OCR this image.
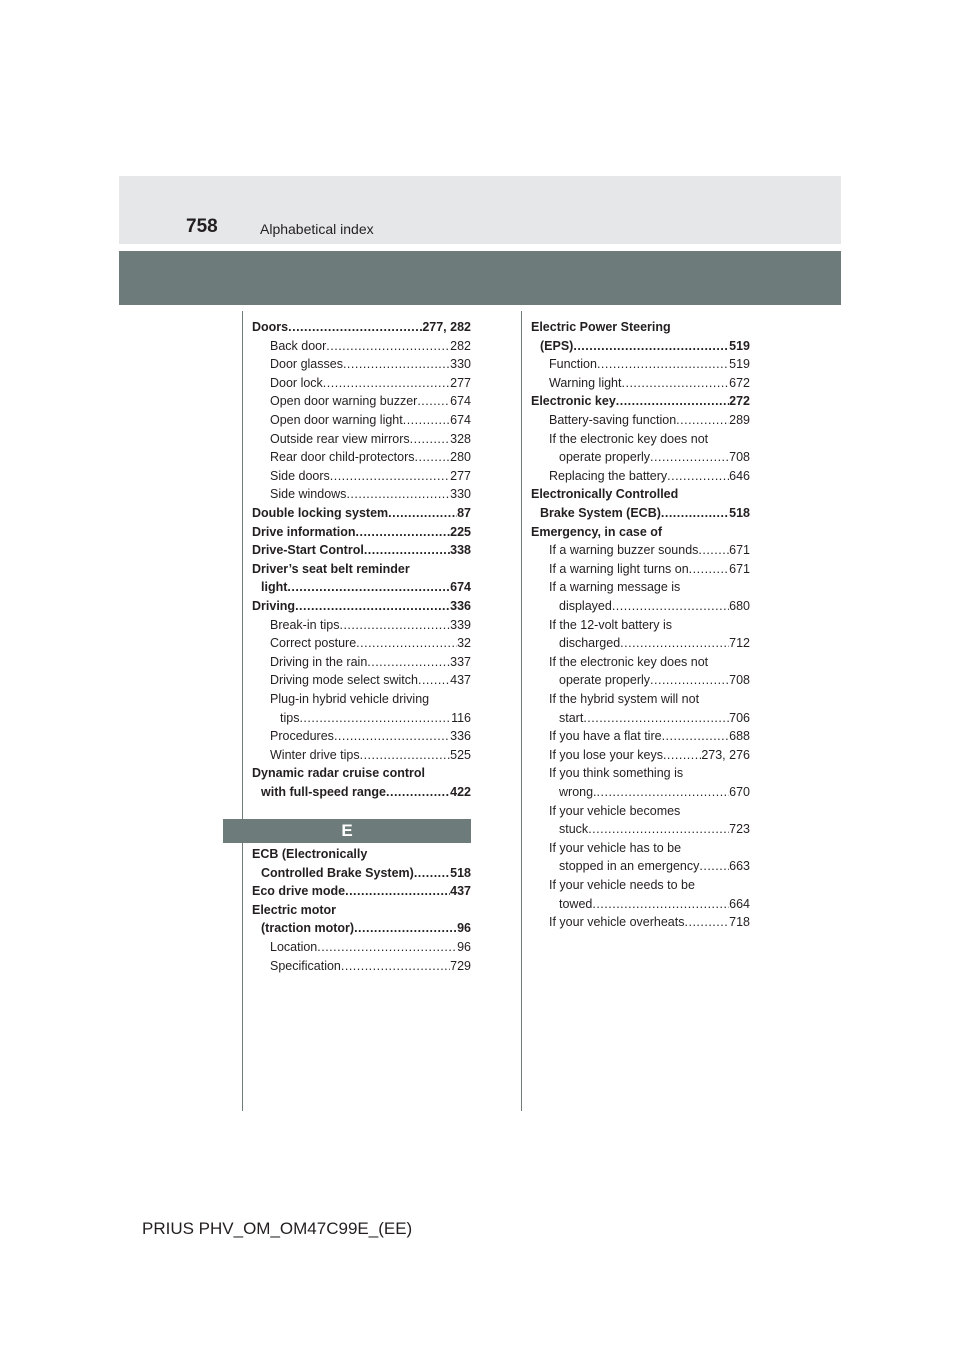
758	Alphabetical index
Doors .....	277, 282
Back door .....	282
Door glasses .....	330
Door lock .....	277
Open door warning buzzer .....	674
Open door warning light .....	674
Outside rear view mirrors .....	328
Rear door child-protectors .....	280
Side doors .....	277
Side windows .....	330
Double locking system .....	87
Drive information .....	225
Drive-Start Control .....	338
Driver’s seat belt reminder
light .....	674
Driving .....	336
Break-in tips .....	339
Correct posture .....	32
Driving in the rain .....	337
Driving mode select switch .....	437
Plug-in hybrid vehicle driving
tips .....	116
Procedures .....	336
Winter drive tips .....	525
Dynamic radar cruise control
with full-speed range .....	422
E
ECB (Electronically
Controlled Brake System) .....	518
Eco drive mode .....	437
Electric motor
(traction motor) .....	96
Location .....	96
Specification .....	729
Electric Power Steering
(EPS) .....	519
Function .....	519
Warning light .....	672
Electronic key .....	272
Battery-saving function .....	289
If the electronic key does not
operate properly .....	708
Replacing the battery .....	646
Electronically Controlled
Brake System (ECB) .....	518
Emergency, in case of
If a warning buzzer sounds ..... 671
If a warning light turns on .....	671
If a warning message is
displayed .....	680
If the 12-volt battery is
discharged .....	712
If the electronic key does not
operate properly .....	708
If the hybrid system will not
start .....	706
If you have a flat tire .....	688
If you lose your keys .....	273, 276
If you think something is
wrong. .....	670
If your vehicle becomes
stuck .....	723
If your vehicle has to be
stopped in an emergency ..... 663
If your vehicle needs to be
towed .....	664
If your vehicle overheats .....	718
PRIUS PHV_OM_OM47C99E_(EE)
